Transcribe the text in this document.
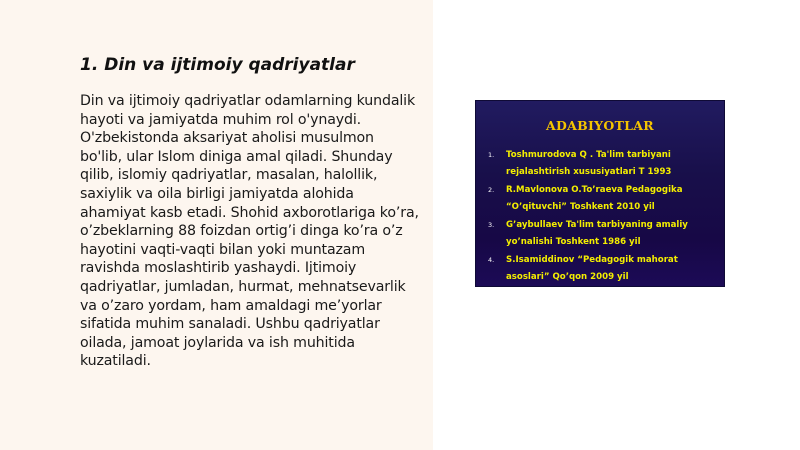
1. Din va ijtimoiy qadriyatlar

Din va ijtimoiy qadriyatlar odamlarning kundalik hayoti va jamiyatda muhim rol o'ynaydi. O'zbekistonda aksariyat aholisi musulmon bo'lib, ular Islom diniga amal qiladi. Shunday qilib, islomiy qadriyatlar, masalan, halollik, saxiylik va oila birligi jamiyatda alohida ahamiyat kasb etadi. Shohid axborotlariga ko’ra, o’zbeklarning 88 foizdan ortig’i dinga ko’ra o’z hayotini vaqti-vaqti bilan yoki muntazam ravishda moslashtirib yashaydi. Ijtimoiy qadriyatlar, jumladan, hurmat, mehnatsevarlik va o’zaro yordam, ham amaldagi me’yorlar sifatida muhim sanaladi. Ushbu qadriyatlar oilada, jamoat joylarida va ish muhitida kuzatiladi.

ADABIYOTLAR
1. Toshmurodova Q . Ta'lim tarbiyani rejalashtirish xususiyatlari T 1993
2. R.Mavlonova O.To’raeva Pedagogika “O’qituvchi” Toshkent 2010 yil
3. G’aybullaev Ta'lim tarbiyaning amaliy yo’nalishi Toshkent 1986 yil
4. S.Isamiddinov “Pedagogik mahorat asoslari” Qo’qon 2009 yil
